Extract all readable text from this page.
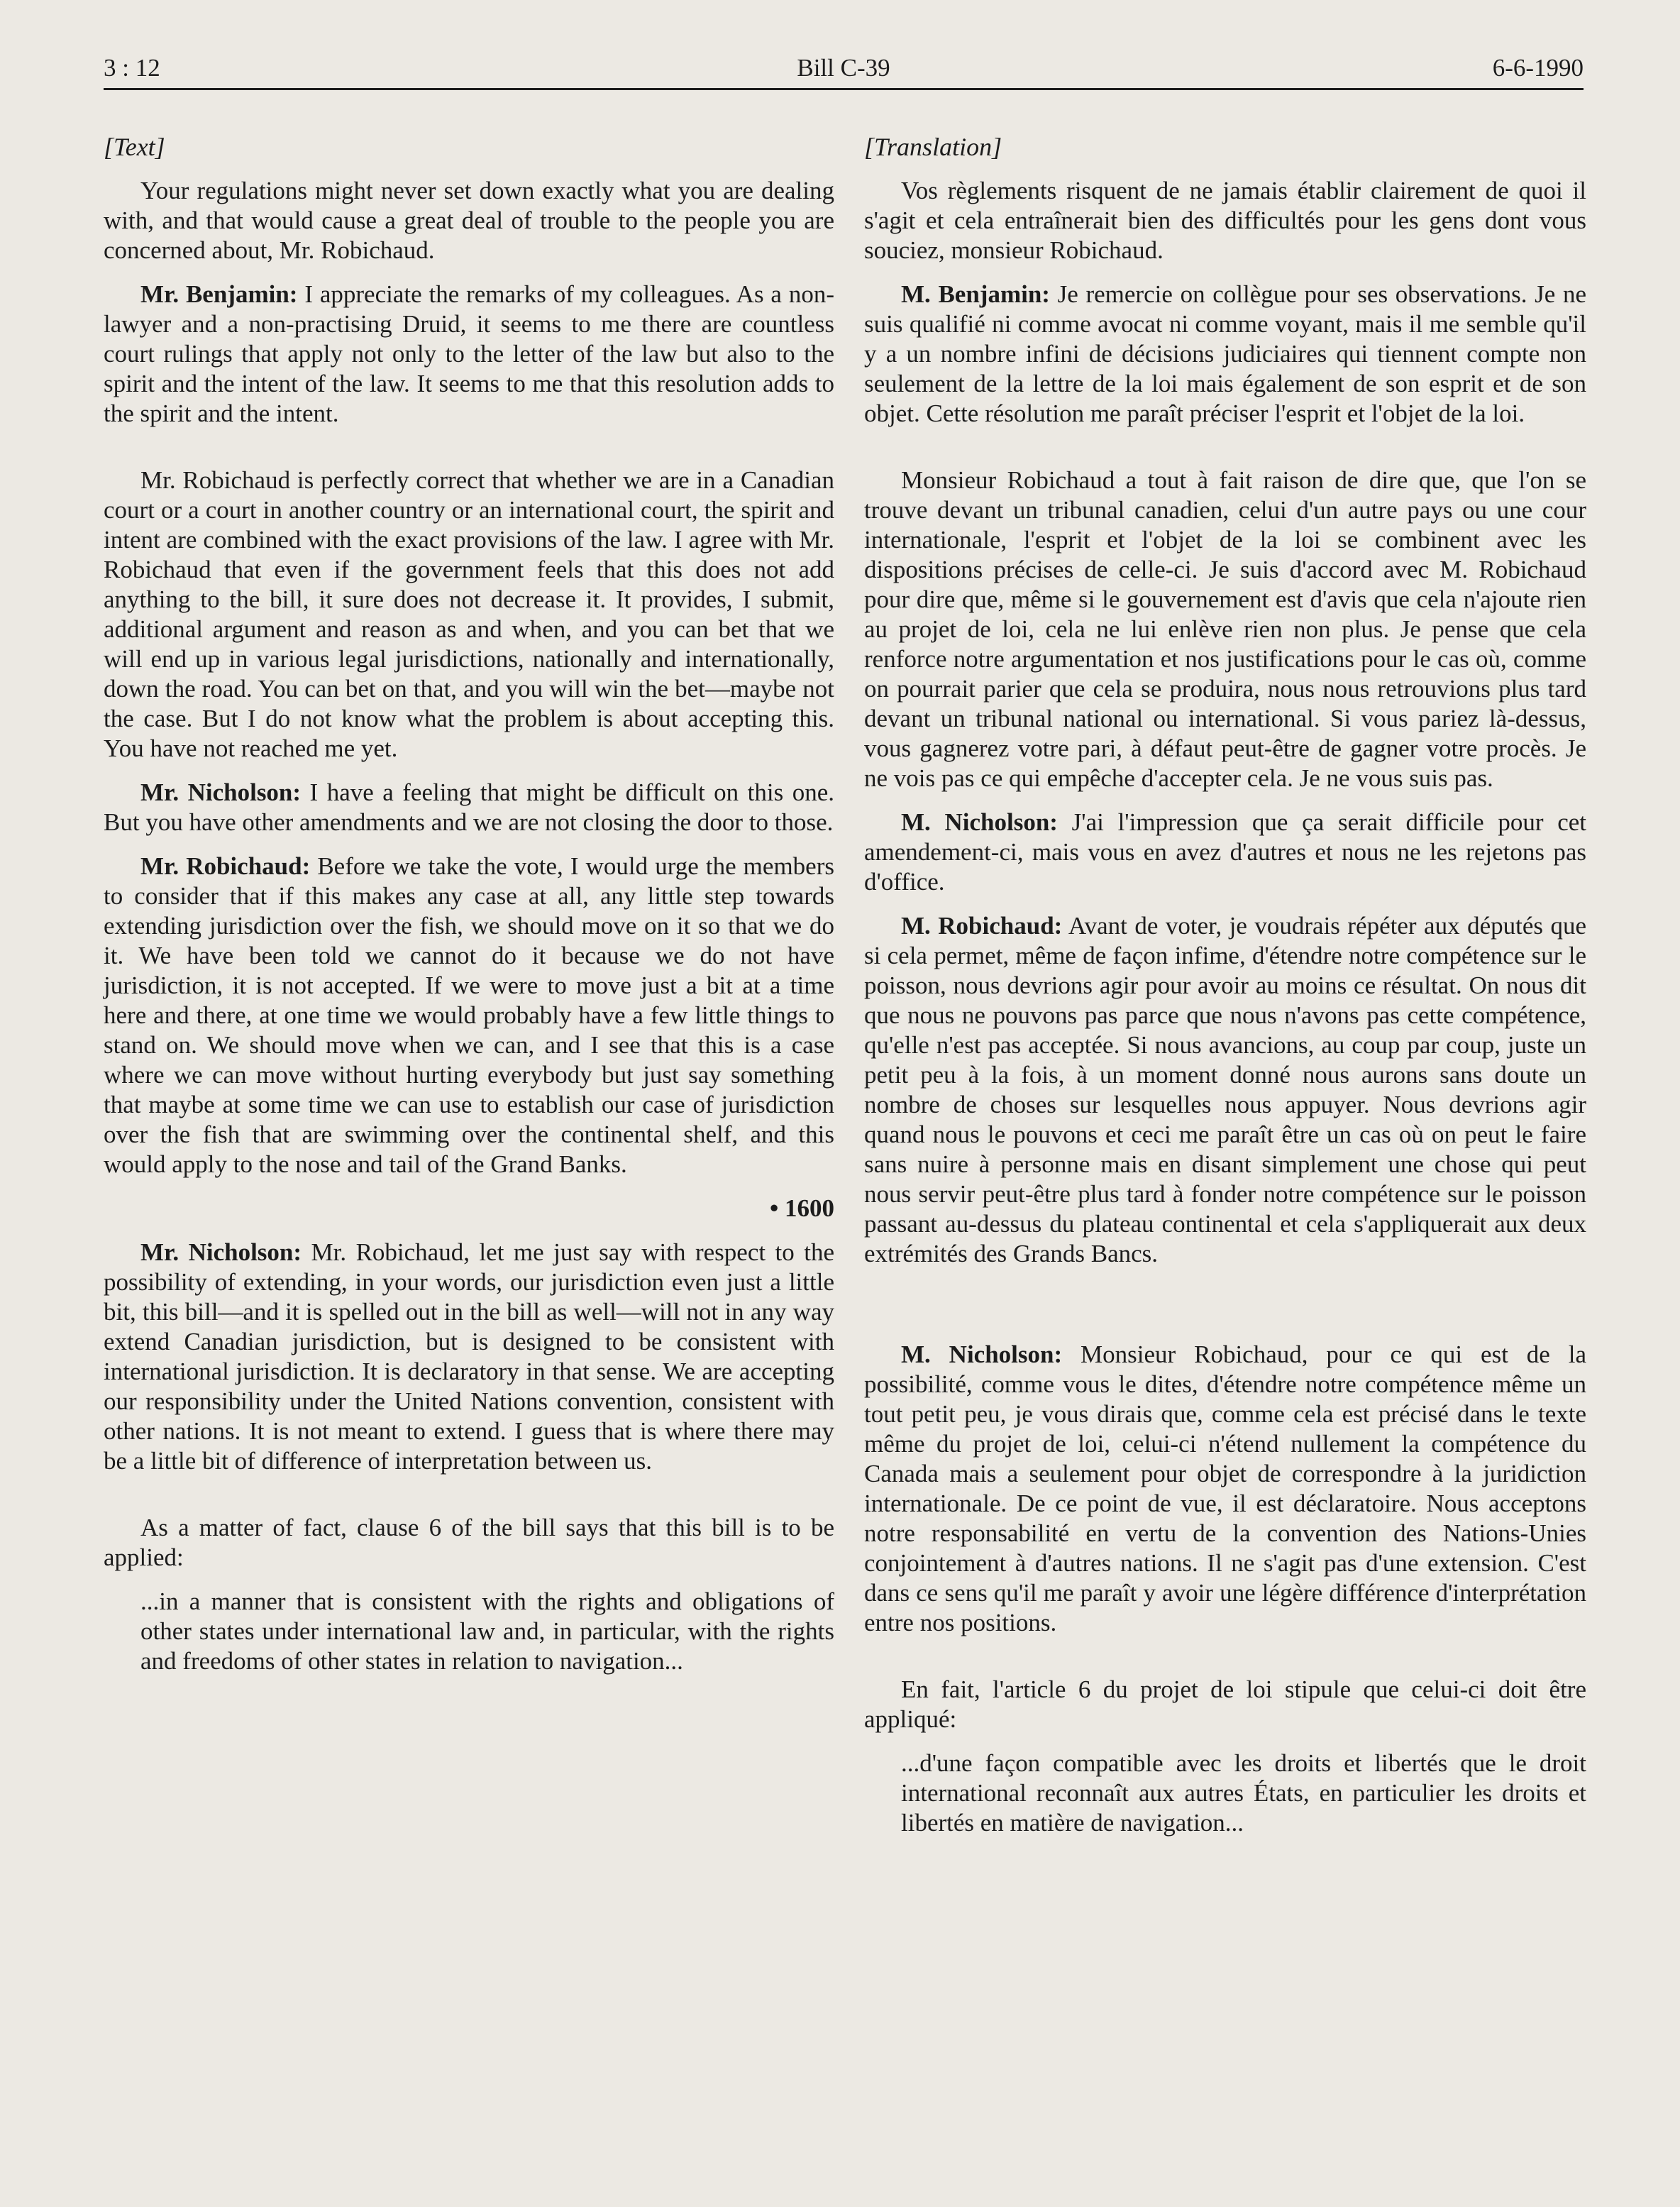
3 : 12	Bill C-39	6-6-1990

[Text]

Your regulations might never set down exactly what you are dealing with, and that would cause a great deal of trouble to the people you are concerned about, Mr. Robichaud.

Mr. Benjamin: I appreciate the remarks of my colleagues. As a non-lawyer and a non-practising Druid, it seems to me there are countless court rulings that apply not only to the letter of the law but also to the spirit and the intent of the law. It seems to me that this resolution adds to the spirit and the intent.

Mr. Robichaud is perfectly correct that whether we are in a Canadian court or a court in another country or an international court, the spirit and intent are combined with the exact provisions of the law. I agree with Mr. Robichaud that even if the government feels that this does not add anything to the bill, it sure does not decrease it. It provides, I submit, additional argument and reason as and when, and you can bet that we will end up in various legal jurisdictions, nationally and internationally, down the road. You can bet on that, and you will win the bet—maybe not the case. But I do not know what the problem is about accepting this. You have not reached me yet.

Mr. Nicholson: I have a feeling that might be difficult on this one. But you have other amendments and we are not closing the door to those.

Mr. Robichaud: Before we take the vote, I would urge the members to consider that if this makes any case at all, any little step towards extending jurisdiction over the fish, we should move on it so that we do it. We have been told we cannot do it because we do not have jurisdiction, it is not accepted. If we were to move just a bit at a time here and there, at one time we would probably have a few little things to stand on. We should move when we can, and I see that this is a case where we can move without hurting everybody but just say something that maybe at some time we can use to establish our case of jurisdiction over the fish that are swimming over the continental shelf, and this would apply to the nose and tail of the Grand Banks.

• 1600

Mr. Nicholson: Mr. Robichaud, let me just say with respect to the possibility of extending, in your words, our jurisdiction even just a little bit, this bill—and it is spelled out in the bill as well—will not in any way extend Canadian jurisdiction, but is designed to be consistent with international jurisdiction. It is declaratory in that sense. We are accepting our responsibility under the United Nations convention, consistent with other nations. It is not meant to extend. I guess that is where there may be a little bit of difference of interpretation between us.

As a matter of fact, clause 6 of the bill says that this bill is to be applied:

...in a manner that is consistent with the rights and obligations of other states under international law and, in particular, with the rights and freedoms of other states in relation to navigation...

[Translation]

Vos règlements risquent de ne jamais établir clairement de quoi il s'agit et cela entraînerait bien des difficultés pour les gens dont vous souciez, monsieur Robichaud.

M. Benjamin: Je remercie on collègue pour ses observations. Je ne suis qualifié ni comme avocat ni comme voyant, mais il me semble qu'il y a un nombre infini de décisions judiciaires qui tiennent compte non seulement de la lettre de la loi mais également de son esprit et de son objet. Cette résolution me paraît préciser l'esprit et l'objet de la loi.

Monsieur Robichaud a tout à fait raison de dire que, que l'on se trouve devant un tribunal canadien, celui d'un autre pays ou une cour internationale, l'esprit et l'objet de la loi se combinent avec les dispositions précises de celle-ci. Je suis d'accord avec M. Robichaud pour dire que, même si le gouvernement est d'avis que cela n'ajoute rien au projet de loi, cela ne lui enlève rien non plus. Je pense que cela renforce notre argumentation et nos justifications pour le cas où, comme on pourrait parier que cela se produira, nous nous retrouvions plus tard devant un tribunal national ou international. Si vous pariez là-dessus, vous gagnerez votre pari, à défaut peut-être de gagner votre procès. Je ne vois pas ce qui empêche d'accepter cela. Je ne vous suis pas.

M. Nicholson: J'ai l'impression que ça serait difficile pour cet amendement-ci, mais vous en avez d'autres et nous ne les rejetons pas d'office.

M. Robichaud: Avant de voter, je voudrais répéter aux députés que si cela permet, même de façon infime, d'étendre notre compétence sur le poisson, nous devrions agir pour avoir au moins ce résultat. On nous dit que nous ne pouvons pas parce que nous n'avons pas cette compétence, qu'elle n'est pas acceptée. Si nous avancions, au coup par coup, juste un petit peu à la fois, à un moment donné nous aurons sans doute un nombre de choses sur lesquelles nous appuyer. Nous devrions agir quand nous le pouvons et ceci me paraît être un cas où on peut le faire sans nuire à personne mais en disant simplement une chose qui peut nous servir peut-être plus tard à fonder notre compétence sur le poisson passant au-dessus du plateau continental et cela s'appliquerait aux deux extrémités des Grands Bancs.

M. Nicholson: Monsieur Robichaud, pour ce qui est de la possibilité, comme vous le dites, d'étendre notre compétence même un tout petit peu, je vous dirais que, comme cela est précisé dans le texte même du projet de loi, celui-ci n'étend nullement la compétence du Canada mais a seulement pour objet de correspondre à la juridiction internationale. De ce point de vue, il est déclaratoire. Nous acceptons notre responsabilité en vertu de la convention des Nations-Unies conjointement à d'autres nations. Il ne s'agit pas d'une extension. C'est dans ce sens qu'il me paraît y avoir une légère différence d'interprétation entre nos positions.

En fait, l'article 6 du projet de loi stipule que celui-ci doit être appliqué:

...d'une façon compatible avec les droits et libertés que le droit international reconnaît aux autres États, en particulier les droits et libertés en matière de navigation...
